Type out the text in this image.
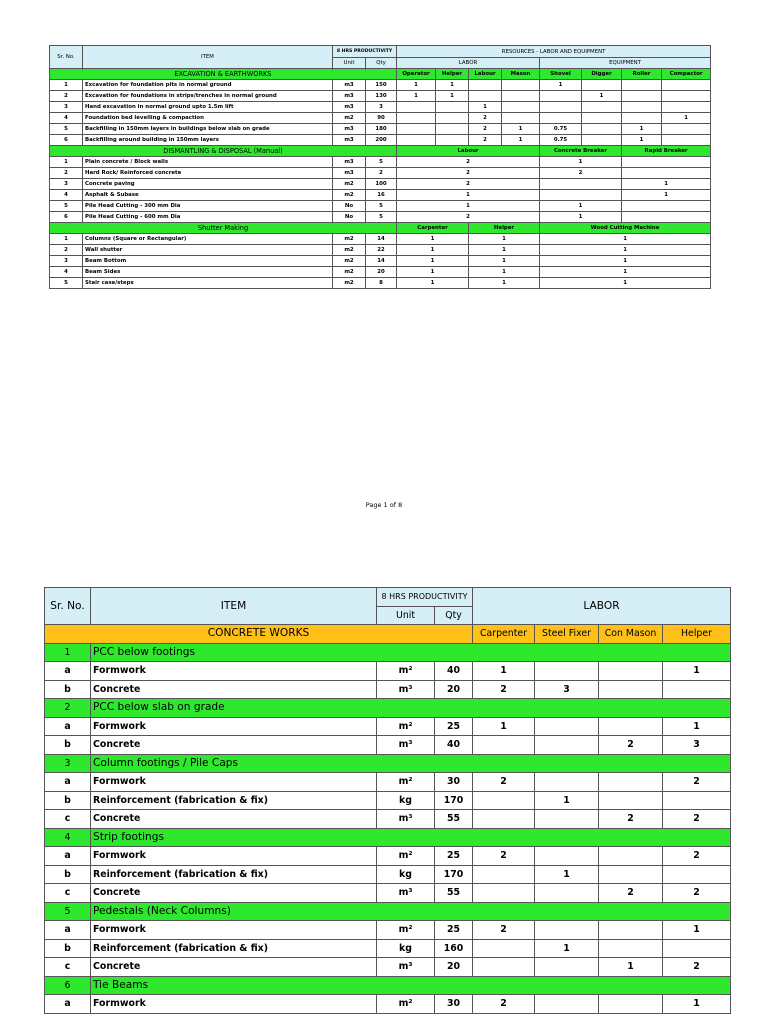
Sr. No.	ITEM	8 HRS PRODUCTIVITY		RESOURCES - LABOR AND EQUIPMENT							
		Unit	Qty	LABOR				EQUIPMENT			

EXCAVATION & EARTHWORKS				Operator	Helper	Labour	Mason	Shovel	Digger	Roller	Compactor
1	Excavation for foundation pits in normal ground	m3	150	1	1			1			
2	Excavation for foundations in strips/trenches in normal ground	m3	130	1	1				1		
3	Hand excavation in normal ground upto 1.5m lift	m3	3			1					
4	Foundation bed levelling & compaction	m2	90			2					1
5	Backfilling in 150mm layers in buildings below slab on grade	m3	180			2	1	0.75		1	
6	Backfilling around building in 150mm layers	m3	200			2	1	0.75		1	
DISMANTLING & DISPOSAL (Manual)				Labour				Concrete Breaker		Rapid Breaker	
1	Plain concrete / Block walls	m3	5	2				1			
2	Hard Rock/ Reinforced concrete	m3	2	2				2			
3	Concrete paving	m2	100	2						1	
4	Asphalt & Subase	m2	16	1						1	
5	Pile Head Cutting - 300 mm Dia	No	5	1				1			
6	Pile Head Cutting - 600 mm Dia	No	5	2				1			
Shutter Making				Carpenter		Helper		Wood Cutting Machine			
1	Columns (Square or Rectangular)	m2	14	1		1		1			
2	Wall shutter	m2	22	1		1		1			
3	Beam Bottom	m2	14	1		1		1			
4	Beam Sides	m2	20	1		1		1			
5	Stair case/steps	m2	8	1		1		1			
Page 1 of 8
Sr. No.	ITEM	8 HRS PRODUCTIVITY		LABOR			
		Unit	Qty				
CONCRETE WORKS				Carpenter	Steel Fixer	Con Mason	Helper
1	PCC below footings						
a	Formwork	m²	40	1			1
b	Concrete	m³	20	2	3		
2	PCC below slab on grade						
a	Formwork	m²	25	1			1
b	Concrete	m³	40			2	3
3	Column footings / Pile Caps						
a	Formwork	m²	30	2			2
b	Reinforcement (fabrication & fix)	kg	170		1		
c	Concrete	m³	55			2	2
4	Strip footings						
a	Formwork	m²	25	2			2
b	Reinforcement (fabrication & fix)	kg	170		1		
c	Concrete	m³	55			2	2
5	Pedestals (Neck Columns)						
a	Formwork	m²	25	2			1
b	Reinforcement (fabrication & fix)	kg	160		1		
c	Concrete	m³	20			1	2
6	Tie Beams						
a	Formwork	m²	30	2			1
